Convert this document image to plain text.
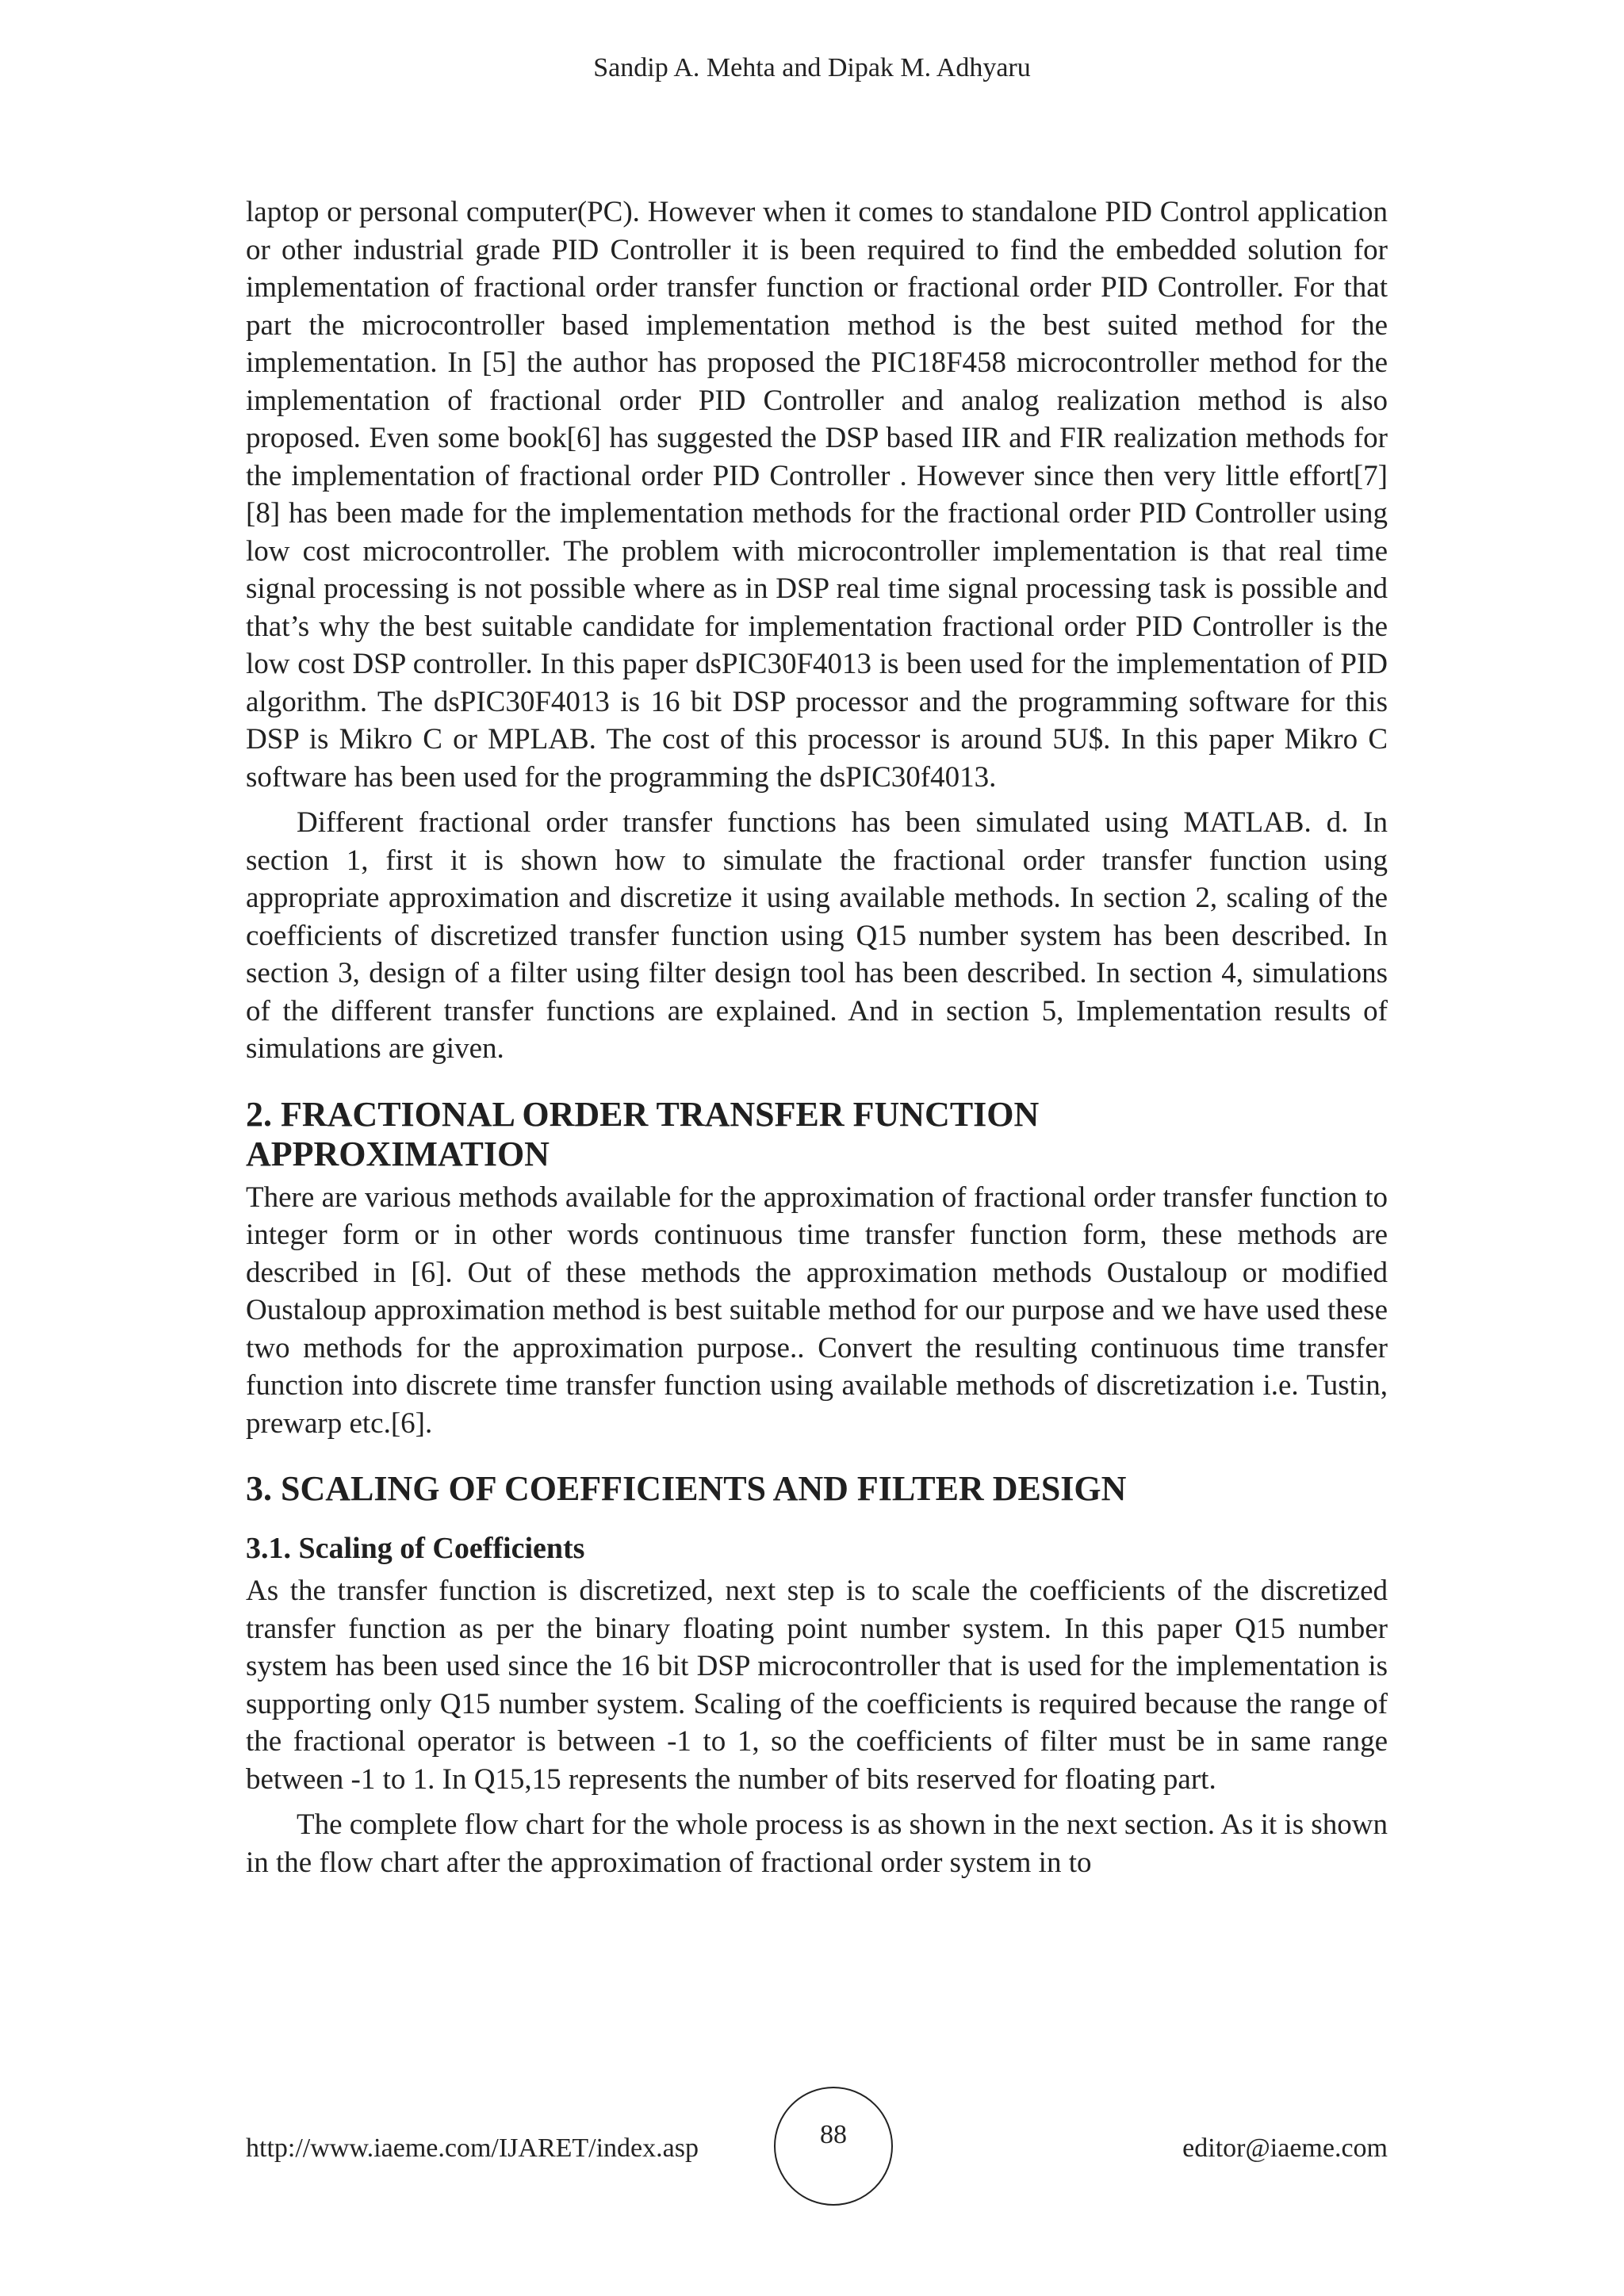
Sandip A. Mehta and Dipak M. Adhyaru

laptop or personal computer(PC). However when it comes to standalone PID Control application or other industrial grade PID Controller it is been required to find the embedded solution for implementation of fractional order transfer function or fractional order PID Controller. For that part the microcontroller based implementation method is the best suited method for the implementation. In [5] the author has proposed the PIC18F458 microcontroller method for the implementation of fractional order PID Controller and analog realization method is also proposed. Even some book[6] has suggested the DSP based IIR and FIR realization methods for the implementation of fractional order PID Controller . However since then very little effort[7][8] has been made for the implementation methods for the fractional order PID Controller using low cost microcontroller. The problem with microcontroller implementation is that real time signal processing is not possible where as in DSP real time signal processing task is possible and that’s why the best suitable candidate for implementation fractional order PID Controller is the low cost DSP controller. In this paper dsPIC30F4013 is been used for the implementation of PID algorithm. The dsPIC30F4013 is 16 bit DSP processor and the programming software for this DSP is Mikro C or MPLAB. The cost of this processor is around 5U$. In this paper Mikro C software has been used for the programming the dsPIC30f4013.

Different fractional order transfer functions has been simulated using MATLAB. d. In section 1, first it is shown how to simulate the fractional order transfer function using appropriate approximation and discretize it using available methods. In section 2, scaling of the coefficients of discretized transfer function using Q15 number system has been described. In section 3, design of a filter using filter design tool has been described. In section 4, simulations of the different transfer functions are explained. And in section 5, Implementation results of simulations are given.

2. FRACTIONAL ORDER TRANSFER FUNCTION
APPROXIMATION

There are various methods available for the approximation of fractional order transfer function to integer form or in other words continuous time transfer function form, these methods are described in [6]. Out of these methods the approximation methods Oustaloup or modified Oustaloup approximation method is best suitable method for our purpose and we have used these two methods for the approximation purpose.. Convert the resulting continuous time transfer function into discrete time transfer function using available methods of discretization i.e. Tustin, prewarp etc.[6].

3. SCALING OF COEFFICIENTS AND FILTER DESIGN
3.1. Scaling of Coefficients

As the transfer function is discretized, next step is to scale the coefficients of the discretized transfer function as per the binary floating point number system. In this paper Q15 number system has been used since the 16 bit DSP microcontroller that is used for the implementation is supporting only Q15 number system. Scaling of the coefficients is required because the range of the fractional operator is between -1 to 1, so the coefficients of filter must be in same range between -1 to 1. In Q15,15 represents the number of bits reserved for floating part.

The complete flow chart for the whole process is as shown in the next section. As it is shown in the flow chart after the approximation of fractional order system in to

http://www.iaeme.com/IJARET/index.asp	88	editor@iaeme.com
